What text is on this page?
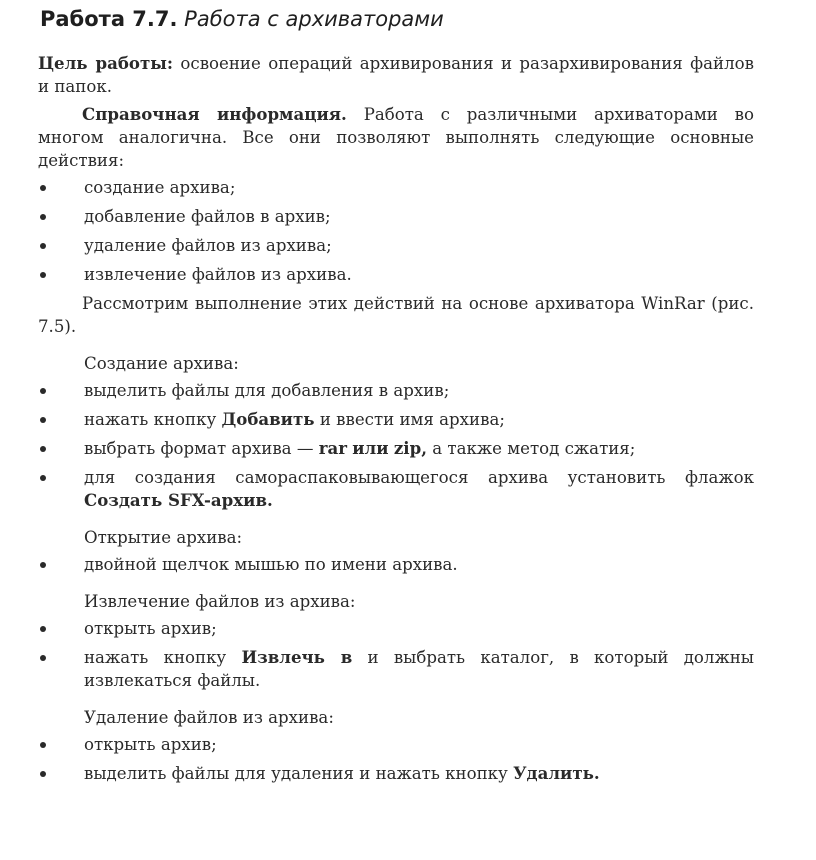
Работа 7.7. Работа с архиваторами

Цель работы: освоение операций архивирования и разархивирования файлов и папок.

Справочная информация. Работа с различными архиваторами во многом аналогична. Все они позволяют выполнять следующие основные действия:

создание архива;
добавление файлов в архив;
удаление файлов из архива;
извлечение файлов из архива.

Рассмотрим выполнение этих действий на основе архиватора WinRar (рис. 7.5).

Создание архива:

выделить файлы для добавления в архив;
нажать кнопку Добавить и ввести имя архива;
выбрать формат архива — rar или zip, а также метод сжатия;
для создания самораспаковывающегося архива установить флажок Создать SFX-архив.

Открытие архива:

двойной щелчок мышью по имени архива.

Извлечение файлов из архива:

открыть архив;
нажать кнопку Извлечь в и выбрать каталог, в который должны извлекаться файлы.

Удаление файлов из архива:

открыть архив;
выделить файлы для удаления и нажать кнопку Удалить.
